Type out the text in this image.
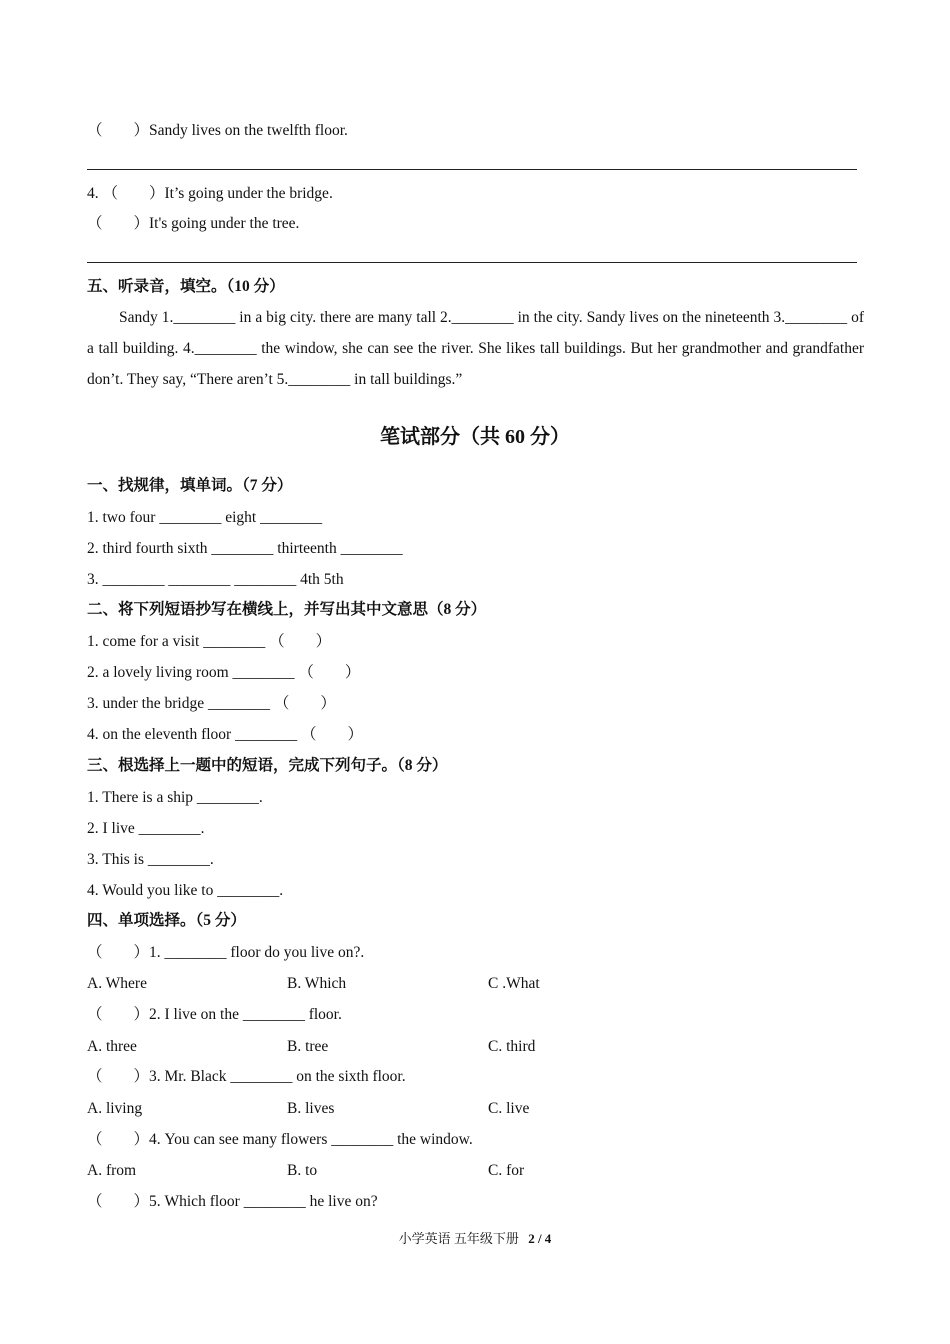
（　　）Sandy lives on the twelfth floor.
4. （　　）It’s going under the bridge.
（　　）It's going under the tree.
五、听录音，填空。（10 分）
Sandy 1.________ in a big city. there are many tall 2.________ in the city. Sandy lives on the nineteenth 3.________ of a tall building. 4.________ the window, she can see the river. She likes tall buildings. But her grandmother and grandfather don’t. They say, “There aren’t 5.________ in tall buildings.”
笔试部分（共 60 分）
一、找规律，填单词。（7 分）
1. two four ________ eight ________
2. third fourth sixth ________ thirteenth ________
3. ________ ________ ________ 4th 5th
二、将下列短语抄写在横线上，并写出其中文意思（8 分）
1. come for a visit ________ （　　）
2. a lovely living room ________ （　　）
3. under the bridge ________ （　　）
4. on the eleventh floor ________ （　　）
三、根选择上一题中的短语，完成下列句子。（8 分）
1. There is a ship ________.
2. I live ________.
3. This is ________.
4. Would you like to ________.
四、单项选择。（5 分）
（　　）1. ________ floor do you live on?.
A. Where	B. Which	C .What
（　　）2. I live on the ________ floor.
A. three	B. tree	C. third
（　　）3. Mr. Black ________ on the sixth floor.
A. living	B. lives	C. live
（　　）4. You can see many flowers ________ the window.
A. from	B. to	C. for
（　　）5. Which floor ________ he live on?
小学英语 五年级下册 2 / 4
